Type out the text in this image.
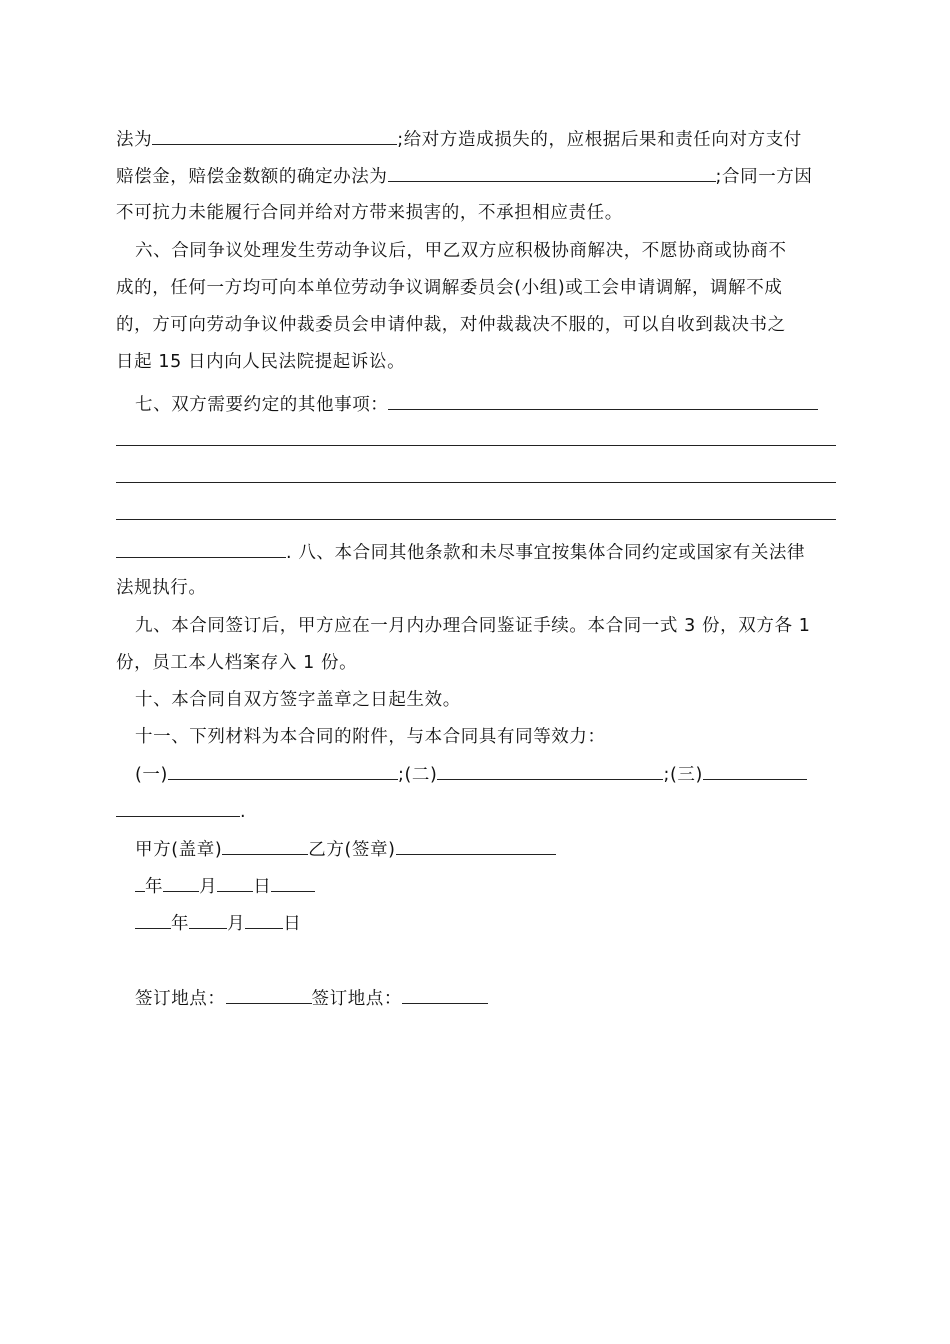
法为	;给对方造成损失的，应根据后果和责任向对方支付
赔偿金，赔偿金数额的确定办法为	;合同一方因
不可抗力未能履行合同并给对方带来损害的，不承担相应责任。
六、合同争议处理发生劳动争议后，甲乙双方应积极协商解决，不愿协商或协商不
成的，任何一方均可向本单位劳动争议调解委员会(小组)或工会申请调解，调解不成
的，方可向劳动争议仲裁委员会申请仲裁，对仲裁裁决不服的，可以自收到裁决书之
日起 15 日内向人民法院提起诉讼。
七、双方需要约定的其他事项：
. 八、本合同其他条款和未尽事宜按集体合同约定或国家有关法律
法规执行。
九、本合同签订后，甲方应在一月内办理合同鉴证手续。本合同一式 3 份，双方各 1
份，员工本人档案存入 1 份。
十、本合同自双方签字盖章之日起生效。
十一、下列材料为本合同的附件，与本合同具有同等效力：
(一)	;(二)	;(三)
.
甲方(盖章)	乙方(签章)
年 月 日
年 月 日
签订地点：	签订地点：
